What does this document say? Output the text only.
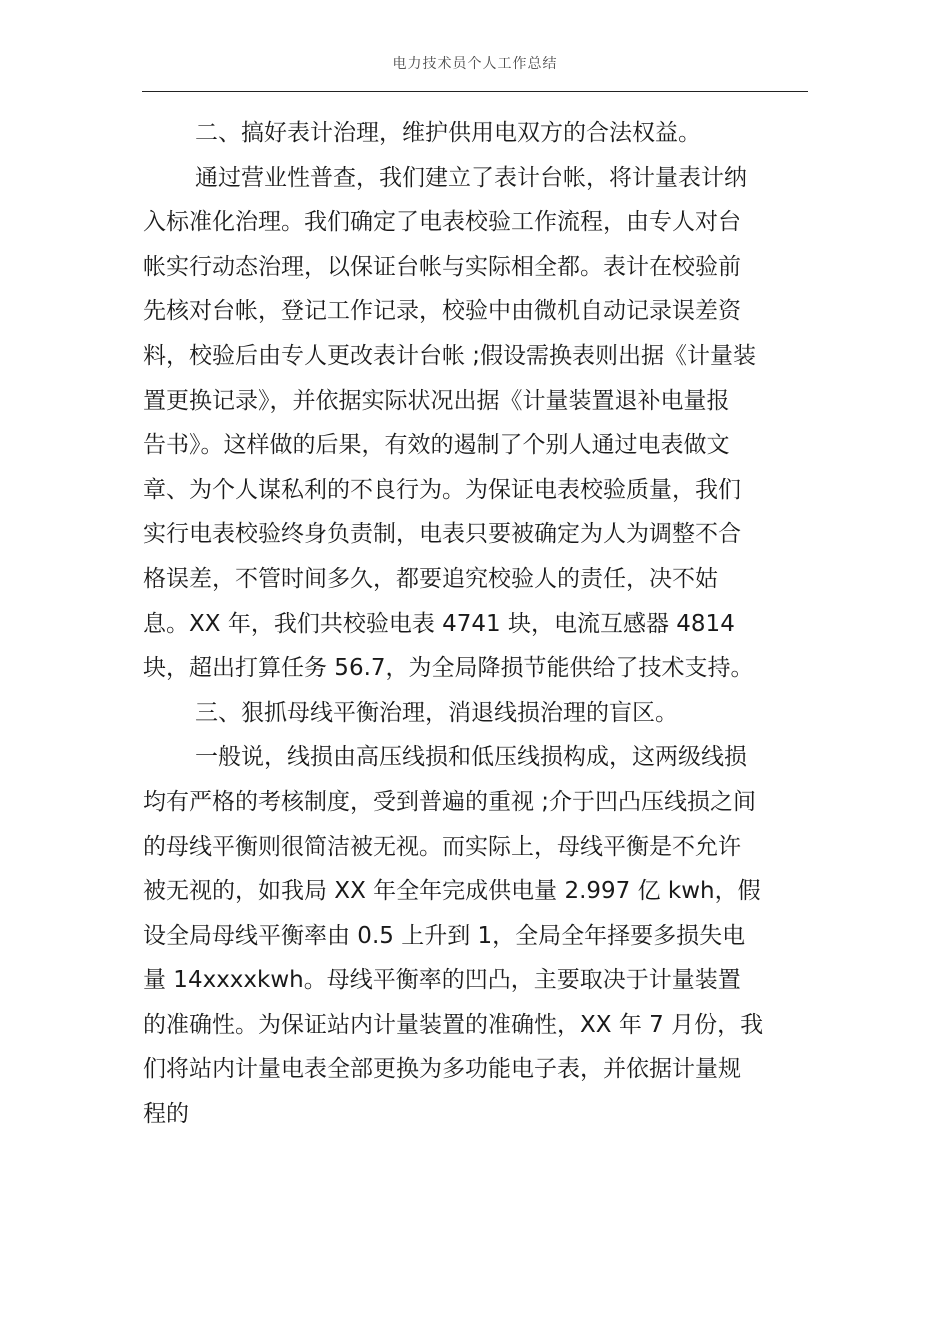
电力技术员个人工作总结
二、搞好表计治理，维护供用电双方的合法权益。
通过营业性普查，我们建立了表计台帐，将计量表计纳
入标准化治理。我们确定了电表校验工作流程，由专人对台
帐实行动态治理，以保证台帐与实际相全都。表计在校验前
先核对台帐，登记工作记录，校验中由微机自动记录误差资
料，校验后由专人更改表计台帐 ;假设需换表则出据《计量装
置更换记录》，并依据实际状况出据《计量装置退补电量报
告书》。这样做的后果，有效的遏制了个别人通过电表做文
章、为个人谋私利的不良行为。为保证电表校验质量，我们
实行电表校验终身负责制，电表只要被确定为人为调整不合
格误差，不管时间多久，都要追究校验人的责任，决不姑
息。XX 年，我们共校验电表 4741 块，电流互感器 4814
块，超出打算任务 56.7，为全局降损节能供给了技术支持。
三、狠抓母线平衡治理，消退线损治理的盲区。
一般说，线损由高压线损和低压线损构成，这两级线损
均有严格的考核制度，受到普遍的重视 ;介于凹凸压线损之间
的母线平衡则很简洁被无视。而实际上，母线平衡是不允许
被无视的，如我局 XX 年全年完成供电量 2.997 亿 kwh，假
设全局母线平衡率由 0.5 上升到 1，全局全年择要多损失电
量 14xxxxkwh。母线平衡率的凹凸，主要取决于计量装置
的准确性。为保证站内计量装置的准确性，XX 年 7 月份，我
们将站内计量电表全部更换为多功能电子表，并依据计量规
程的
